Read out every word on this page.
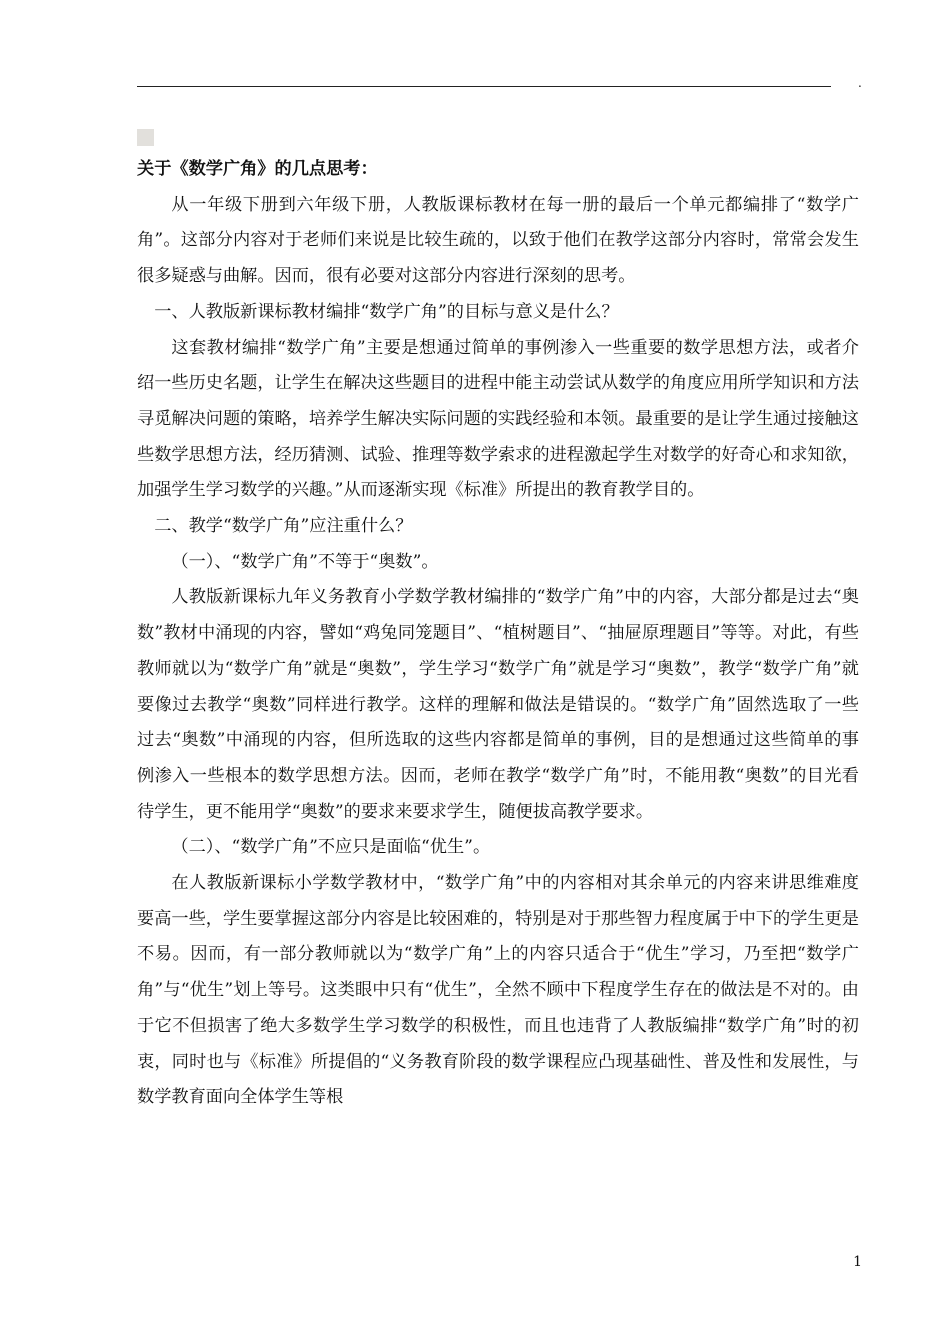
.

关于《数学广角》的几点思考：

从一年级下册到六年级下册，人教版课标教材在每一册的最后一个单元都编排了“数学广角”。这部分内容对于老师们来说是比较生疏的，以致于他们在教学这部分内容时，常常会发生很多疑惑与曲解。因而，很有必要对这部分内容进行深刻的思考。

一、人教版新课标教材编排“数学广角”的目标与意义是什么？

这套教材编排“数学广角”主要是想通过简单的事例渗入一些重要的数学思想方法，或者介绍一些历史名题，让学生在解决这些题目的进程中能主动尝试从数学的角度应用所学知识和方法寻觅解决问题的策略，培养学生解决实际问题的实践经验和本领。最重要的是让学生通过接触这些数学思想方法，经历猜测、试验、推理等数学索求的进程激起学生对数学的好奇心和求知欲，加强学生学习数学的兴趣。”从而逐渐实现《标准》所提出的教育教学目的。

二、教学“数学广角”应注重什么？

（一）、“数学广角”不等于“奥数”。

人教版新课标九年义务教育小学数学教材编排的“数学广角”中的内容，大部分都是过去“奥数”教材中涌现的内容，譬如“鸡兔同笼题目”、“植树题目”、“抽屉原理题目”等等。对此，有些教师就以为“数学广角”就是“奥数”，学生学习“数学广角”就是学习“奥数”，教学“数学广角”就要像过去教学“奥数”同样进行教学。这样的理解和做法是错误的。“数学广角”固然选取了一些过去“奥数”中涌现的内容，但所选取的这些内容都是简单的事例，目的是想通过这些简单的事例渗入一些根本的数学思想方法。因而，老师在教学“数学广角”时，不能用教“奥数”的目光看待学生，更不能用学“奥数”的要求来要求学生，随便拔高教学要求。

（二）、“数学广角”不应只是面临“优生”。

在人教版新课标小学数学教材中，“数学广角”中的内容相对其余单元的内容来讲思维难度要高一些，学生要掌握这部分内容是比较困难的，特别是对于那些智力程度属于中下的学生更是不易。因而，有一部分教师就以为“数学广角”上的内容只适合于“优生”学习，乃至把“数学广角”与“优生”划上等号。这类眼中只有“优生”，全然不顾中下程度学生存在的做法是不对的。由于它不但损害了绝大多数学生学习数学的积极性，而且也违背了人教版编排“数学广角”时的初衷，同时也与《标准》所提倡的“义务教育阶段的数学课程应凸现基础性、普及性和发展性，与数学教育面向全体学生等根

1
